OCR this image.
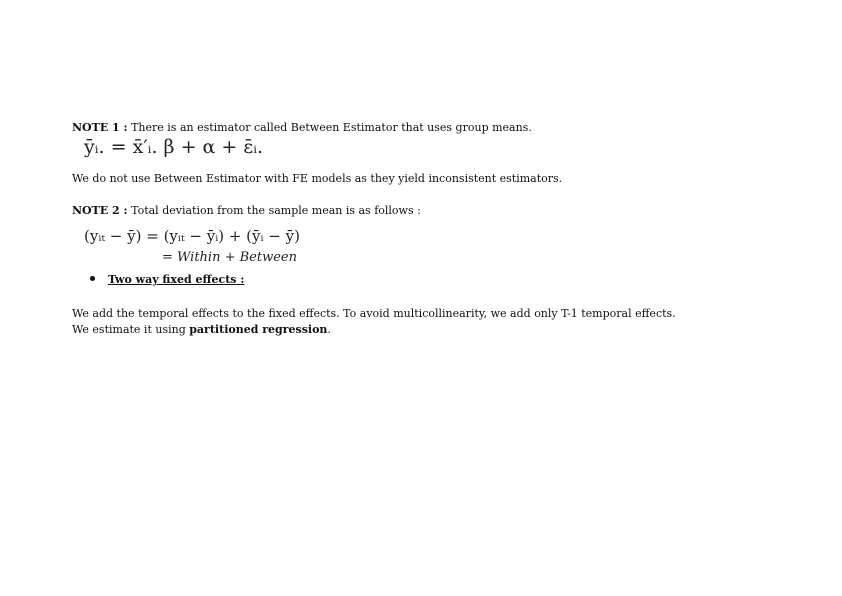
NOTE 1 : There is an estimator called Between Estimator that uses group means.
ȳᵢ. = x̄′ᵢ. β + α + ε̄ᵢ.
We do not use Between Estimator with FE models as they yield inconsistent estimators.
NOTE 2 : Total deviation from the sample mean is as follows :
(yᵢₜ − ȳ) = (yᵢₜ − ȳᵢ) + (ȳᵢ − ȳ)
= Within + Between
Two way fixed effects :
We add the temporal effects to the fixed effects. To avoid multicollinearity, we add only T-1 temporal effects.
We estimate it using partitioned regression.
